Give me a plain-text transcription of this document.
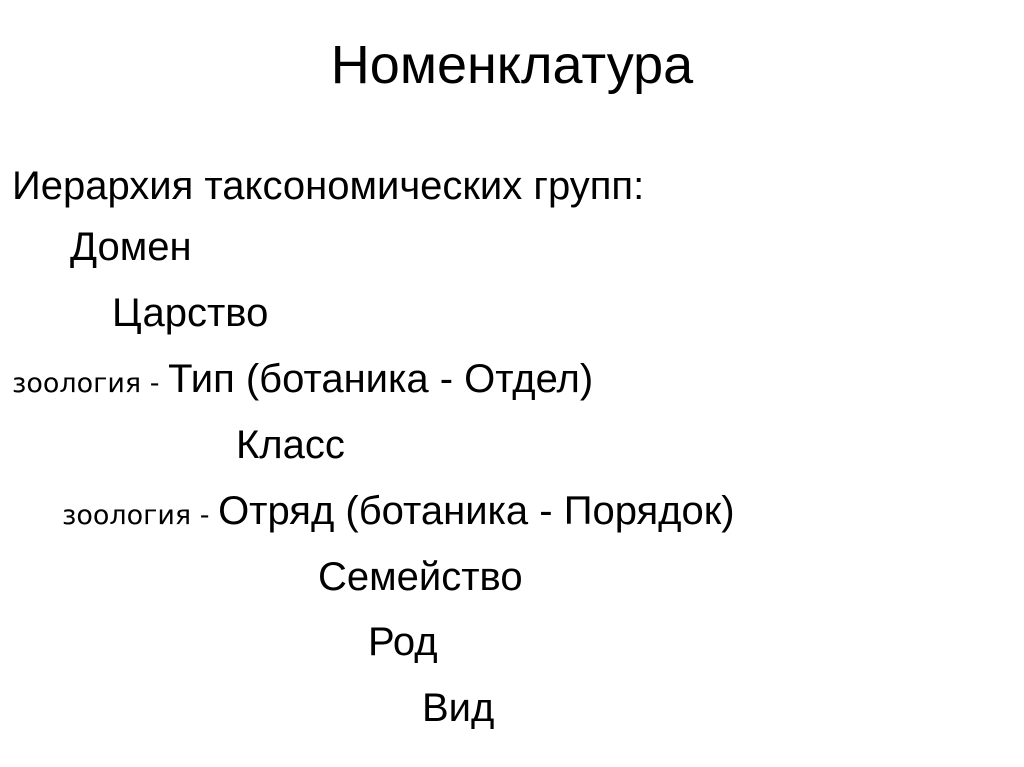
Номенклатура
Иерархия таксономических групп:
Домен
Царство
зоология - Тип (ботаника - Отдел)
Класс
зоология - Отряд (ботаника - Порядок)
Семейство
Род
Вид
